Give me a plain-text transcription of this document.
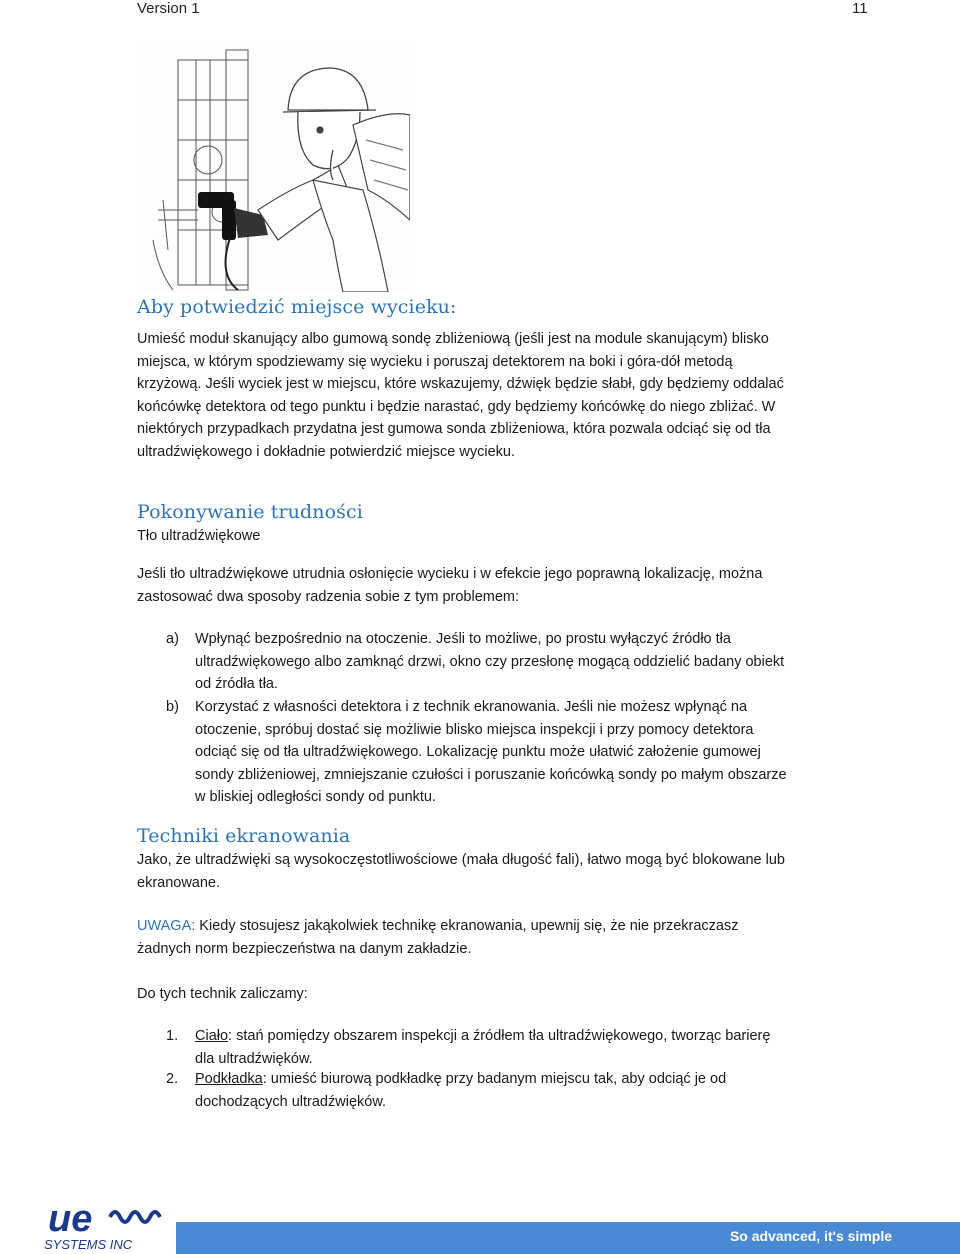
Version 1	11
Aby potwiedzić miejsce wycieku:
Umieść moduł skanujący albo gumową sondę zbliżeniową (jeśli jest na module skanującym) blisko
miejsca, w którym spodziewamy się wycieku i poruszaj detektorem na boki i góra-dół metodą
krzyżową. Jeśli wyciek jest w miejscu, które wskazujemy, dźwięk będzie słabł, gdy będziemy oddalać
końcówkę detektora od tego punktu i będzie narastać, gdy będziemy końcówkę do niego zbliżać. W
niektórych przypadkach przydatna jest gumowa sonda zbliżeniowa, która pozwala odciąć się od tła
ultradźwiękowego i dokładnie potwierdzić miejsce wycieku.
Pokonywanie trudności
Tło ultradźwiękowe
Jeśli tło ultradźwiękowe utrudnia osłonięcie wycieku i w efekcie jego poprawną lokalizację, można
zastosować dwa sposoby radzenia sobie z tym problemem:
a) Wpłynąć bezpośrednio na otoczenie. Jeśli to możliwe, po prostu wyłączyć źródło tła
ultradźwiękowego albo zamknąć drzwi, okno czy przesłonę mogącą oddzielić badany obiekt
od źródła tła.
b) Korzystać z własności detektora i z technik ekranowania. Jeśli nie możesz wpłynąć na
otoczenie, spróbuj dostać się możliwie blisko miejsca inspekcji i przy pomocy detektora
odciąć się od tła ultradźwiękowego. Lokalizację punktu może ułatwić założenie gumowej
sondy zbliżeniowej, zmniejszanie czułości i poruszanie końcówką sondy po małym obszarze
w bliskiej odległości sondy od punktu.
Techniki ekranowania
Jako, że ultradźwięki są wysokoczęstotliwościowe (mała długość fali), łatwo mogą być blokowane lub
ekranowane.
UWAGA: Kiedy stosujesz jakąkolwiek technikę ekranowania, upewnij się, że nie przekraczasz
żadnych norm bezpieczeństwa na danym zakładzie.
Do tych technik zaliczamy:
1. Ciało: stań pomiędzy obszarem inspekcji a źródłem tła ultradźwiękowego, tworząc barierę
dla ultradźwięków.
2. Podkładka: umieść biurową podkładkę przy badanym miejscu tak, aby odciąć je od
dochodzących ultradźwięków.
ue
SYSTEMS INC
So advanced, it's simple
